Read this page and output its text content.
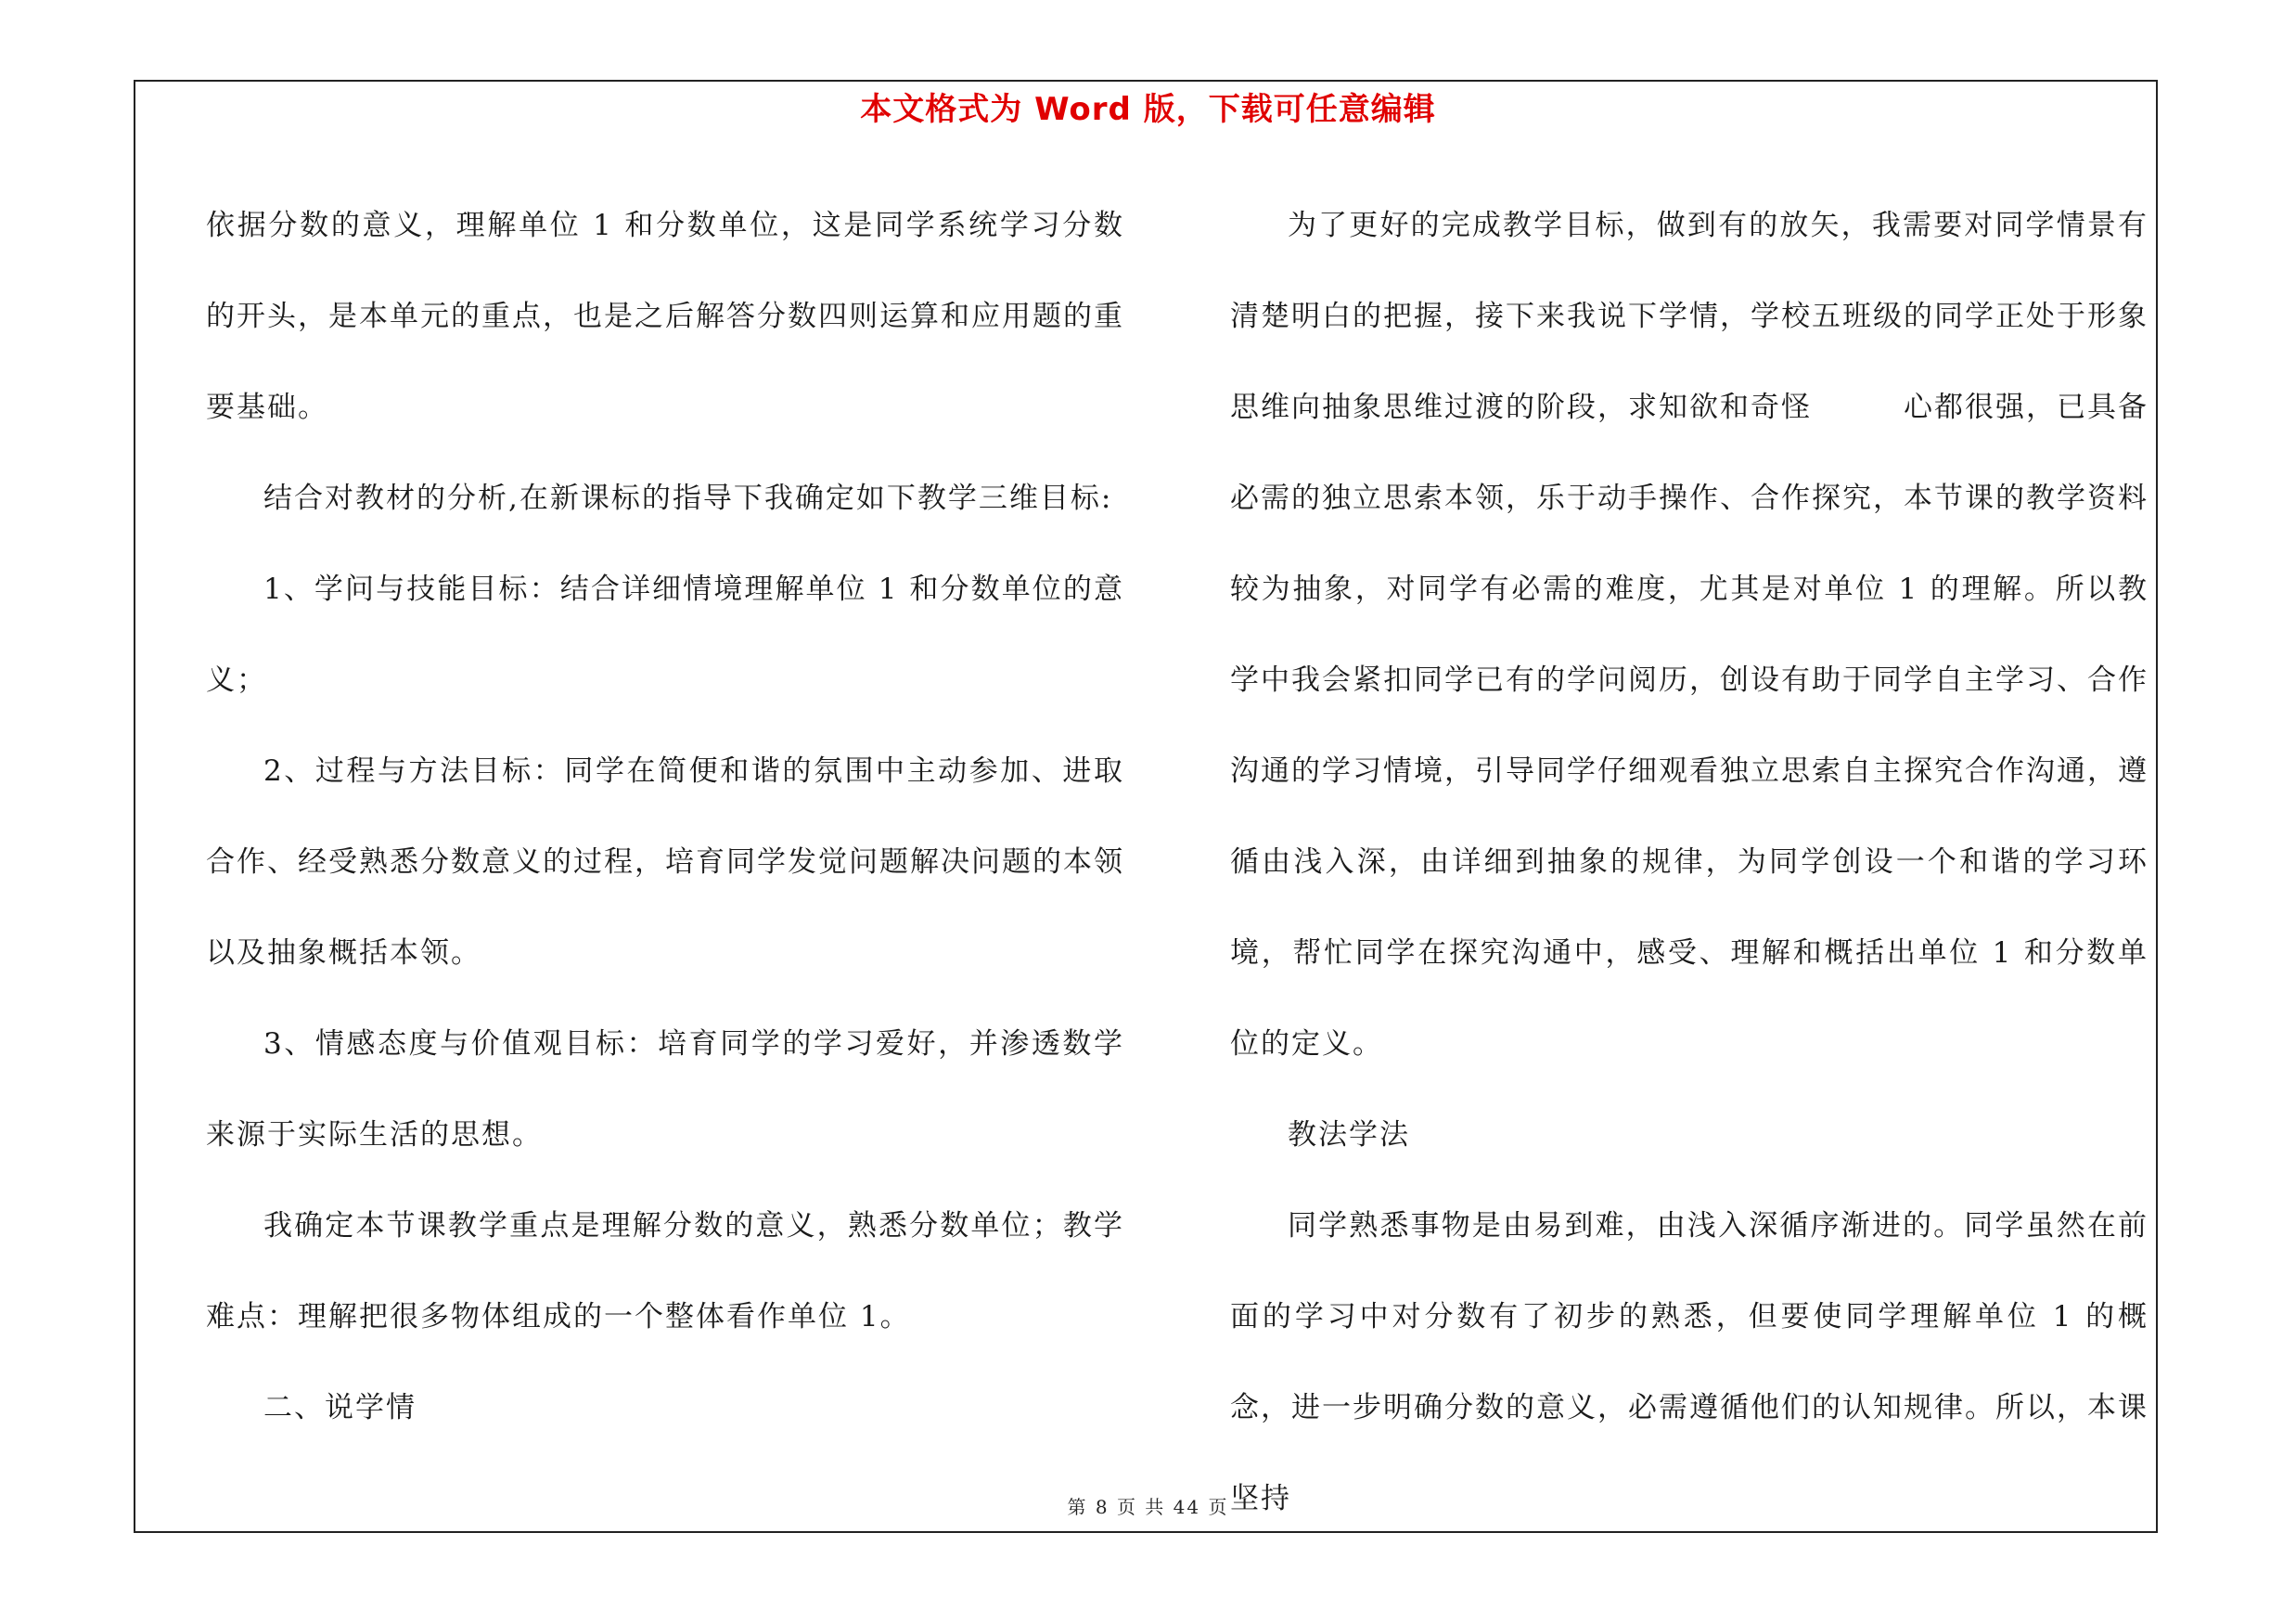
本文格式为 Word 版，下载可任意编辑

依据分数的意义，理解单位 1 和分数单位，这是同学系统学习分数的开头，是本单元的重点，也是之后解答分数四则运算和应用题的重要基础。

结合对教材的分析,在新课标的指导下我确定如下教学三维目标:

1、学问与技能目标：结合详细情境理解单位 1 和分数单位的意义；

2、过程与方法目标：同学在简便和谐的氛围中主动参加、进取合作、经受熟悉分数意义的过程，培育同学发觉问题解决问题的本领以及抽象概括本领。

3、情感态度与价值观目标：培育同学的学习爱好，并渗透数学来源于实际生活的思想。

我确定本节课教学重点是理解分数的意义，熟悉分数单位；教学难点：理解把很多物体组成的一个整体看作单位 1。

二、说学情

为了更好的完成教学目标，做到有的放矢，我需要对同学情景有清楚明白的把握，接下来我说下学情，学校五班级的同学正处于形象思维向抽象思维过渡的阶段，求知欲和奇怪　　　心都很强，已具备必需的独立思索本领，乐于动手操作、合作探究，本节课的教学资料较为抽象，对同学有必需的难度，尤其是对单位 1 的理解。所以教学中我会紧扣同学已有的学问阅历，创设有助于同学自主学习、合作沟通的学习情境，引导同学仔细观看独立思索自主探究合作沟通，遵循由浅入深，由详细到抽象的规律，为同学创设一个和谐的学习环境，帮忙同学在探究沟通中，感受、理解和概括出单位 1 和分数单位的定义。

教法学法

同学熟悉事物是由易到难，由浅入深循序渐进的。同学虽然在前面的学习中对分数有了初步的熟悉，但要使同学理解单位 1 的概念，进一步明确分数的意义，必需遵循他们的认知规律。所以，本课坚持

第 8 页 共 44 页
